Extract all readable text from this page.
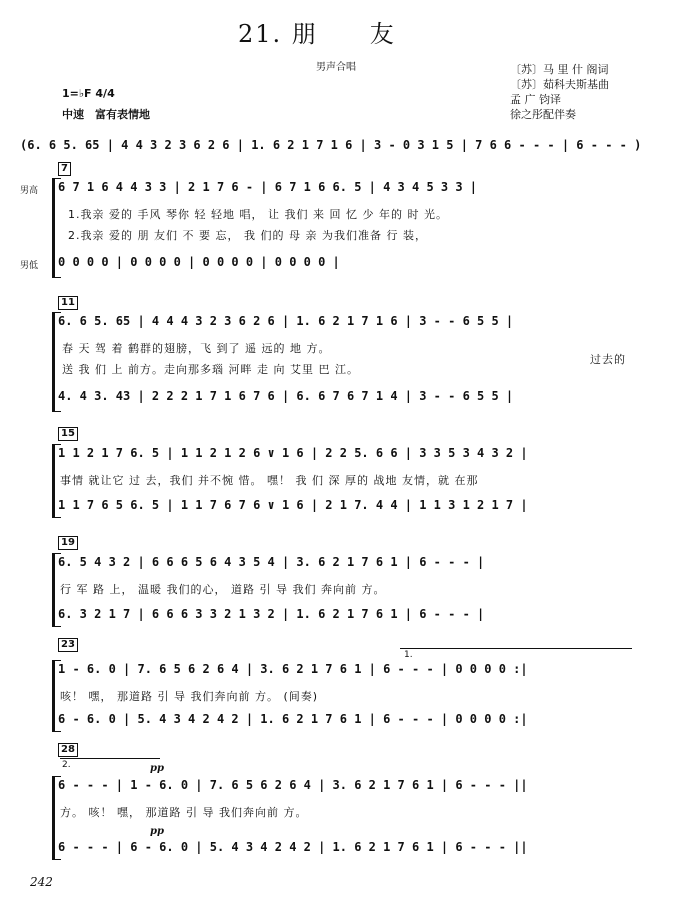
21. 朋　　友
男声合唱	〔苏〕马 里 什 阁词
〔苏〕茹科夫斯基曲
孟 广 钧译
徐之彤配伴奏
1=♭F 4/4
中速　富有表情地
(6. 6 5. 65 | 4 4 3 2 3 6 2 6 | 1. 6 2 1 7 1 6 | 3 - 0 3 1 5 | 7 6 6 - - - | 6 - - - )
7
男高 6 7 1 6 4 4 3 3 | 2 1 7 6 - | 6 7 1 6 6. 5 | 4 3 4 5 3 3 |
1.我亲 爱的 手风 琴你 轻 轻地 唱， 让 我们 来 回 忆 少 年的 时 光。
2.我亲 爱的 朋 友们 不 要 忘， 我 们的 母 亲 为我们准备 行 装，
男低 0 0 0 0 | 0 0 0 0 | 0 0 0 0 | 0 0 0 0 |
11
6. 6 5. 65 | 4 4 4 3 2 3 6 2 6 | 1. 6 2 1 7 1 6 | 3 - - 6 5 5 |
春 天 驾 着 鹤群的翅膀，飞 到了 遥 远的 地 方。
送 我 们 上 前方。走向那多瑙 河畔 走 向 艾里 巴 江。
过去的
4. 4 3. 43 | 2 2 2 1 7 1 6 7 6 | 6. 6 7 6 7 1 4 | 3 - - 6 5 5 |
15
1 1 2 1 7 6. 5 | 1 1 2 1 2 6 ∨ 1 6 | 2 2 5. 6 6 | 3 3 5 3 4 3 2 |
事情 就让它 过 去，我们 并不惋 惜。 嘿！ 我 们 深 厚的 战地 友情，就 在那
1 1 7 6 5 6. 5 | 1 1 7 6 7 6 ∨ 1 6 | 2 1 7. 4 4 | 1 1 3 1 2 1 7 |
19
6. 5 4 3 2 | 6 6 6 5 6 4 3 5 4 | 3. 6 2 1 7 6 1 | 6 - - - |
行 军 路 上， 温暖 我们的心， 道路 引 导 我们 奔向前 方。
6. 3 2 1 7 | 6 6 6 3 3 2 1 3 2 | 1. 6 2 1 7 6 1 | 6 - - - |
23
1.
1 - 6. 0 | 7. 6 5 6 2 6 4 | 3. 6 2 1 7 6 1 | 6 - - - | 0 0 0 0 :|
咳！ 嘿， 那道路 引 导 我们奔向前 方。 (间奏)
6 - 6. 0 | 5. 4 3 4 2 4 2 | 1. 6 2 1 7 6 1 | 6 - - - | 0 0 0 0 :|
28
2.	pp
6 - - - | 1 - 6. 0 | 7. 6 5 6 2 6 4 | 3. 6 2 1 7 6 1 | 6 - - - ||
方。 咳！ 嘿， 那道路 引 导 我们奔向前 方。
pp
6 - - - | 6 - 6. 0 | 5. 4 3 4 2 4 2 | 1. 6 2 1 7 6 1 | 6 - - - ||
242
